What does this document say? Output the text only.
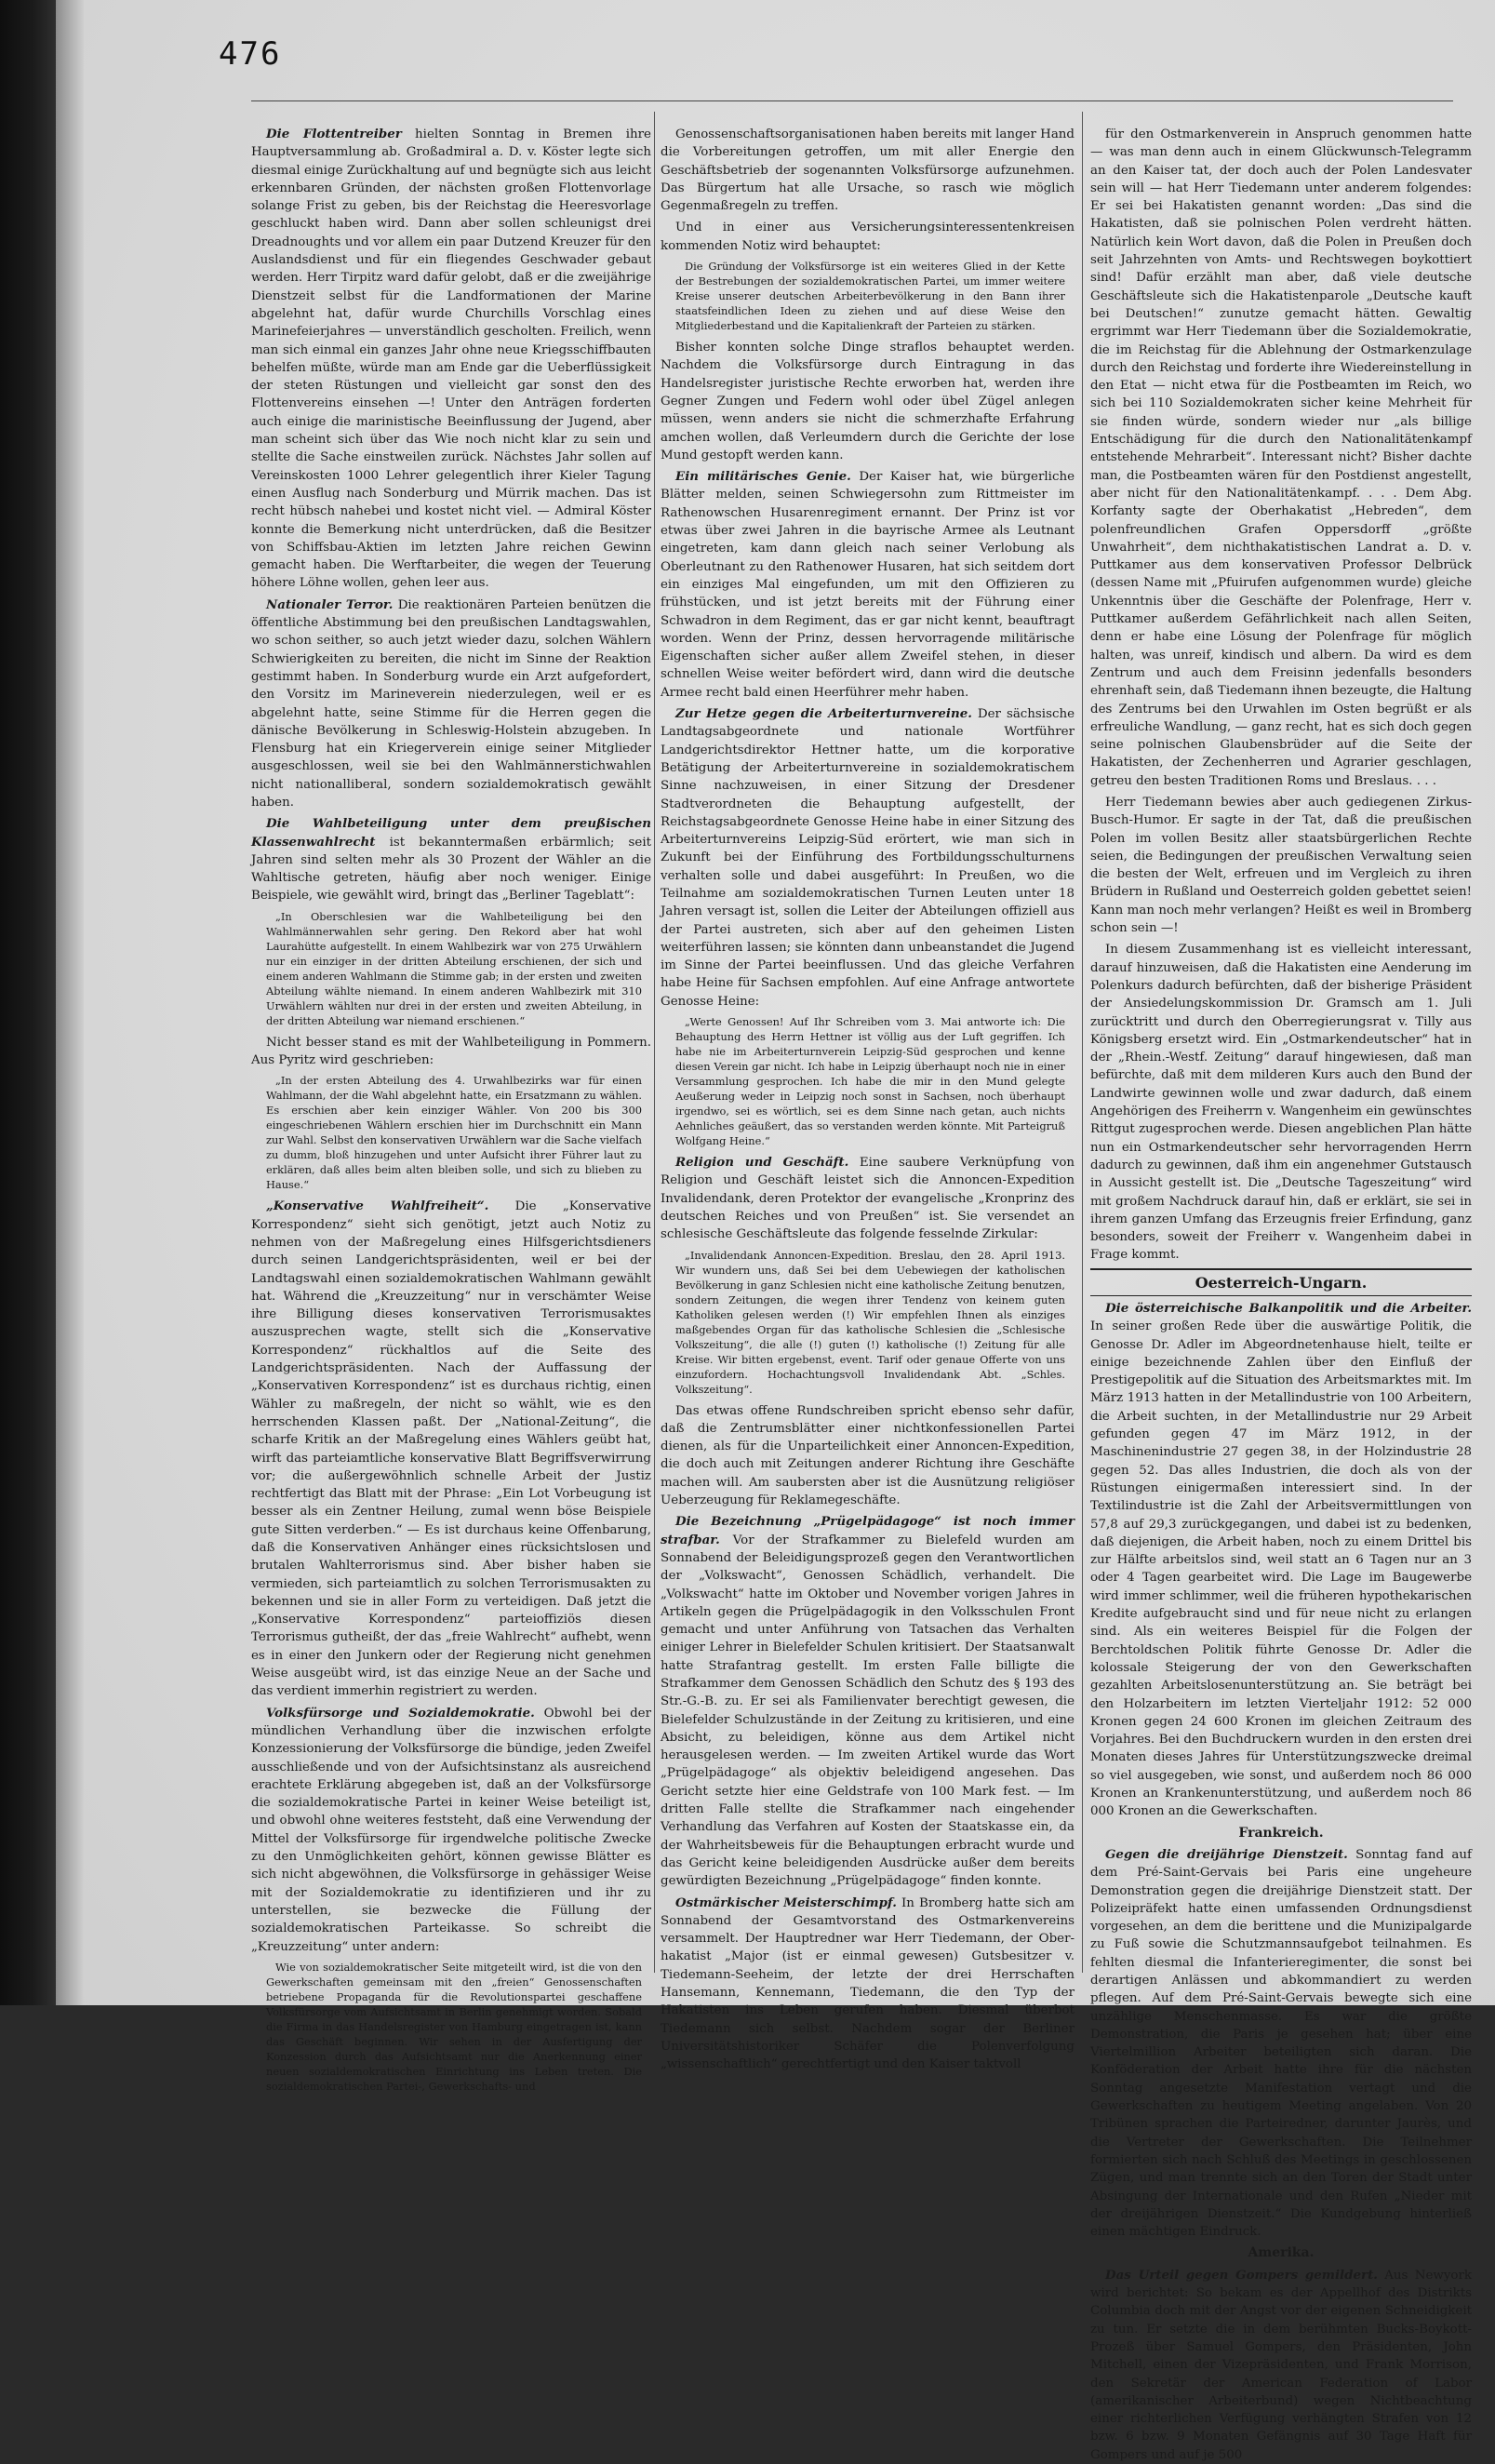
476

Die Flottentreiber hielten Sonntag in Bremen ihre Hauptversammlung ab. Großadmiral a. D. v. Köster legte sich diesmal einige Zurückhaltung auf und begnügte sich aus leicht erkennbaren Gründen, der nächsten großen Flottenvorlage solange Frist zu geben, bis der Reichstag die Heeresvorlage geschluckt haben wird. Dann aber sollen schleunigst drei Dreadnoughts und vor allem ein paar Dutzend Kreuzer für den Auslandsdienst und für ein fliegendes Geschwader gebaut werden. Herr Tirpitz ward dafür gelobt, daß er die zweijährige Dienstzeit selbst für die Landformationen der Marine abgelehnt hat, dafür wurde Churchills Vorschlag eines Marinefeierjahres — unverständlich gescholten. Freilich, wenn man sich einmal ein ganzes Jahr ohne neue Kriegsschiffbauten behelfen müßte, würde man am Ende gar die Ueberflüssigkeit der steten Rüstungen und vielleicht gar sonst den des Flottenvereins einsehen —! Unter den Anträgen forderten auch einige die marinistische Beeinflussung der Jugend, aber man scheint sich über das Wie noch nicht klar zu sein und stellte die Sache einstweilen zurück. Nächstes Jahr sollen auf Vereinskosten 1000 Lehrer gelegentlich ihrer Kieler Tagung einen Ausflug nach Sonderburg und Mürrik machen. Das ist recht hübsch nahebei und kostet nicht viel. — Admiral Köster konnte die Bemerkung nicht unterdrücken, daß die Besitzer von Schiffsbau-Aktien im letzten Jahre reichen Gewinn gemacht haben. Die Werftarbeiter, die wegen der Teuerung höhere Löhne wollen, gehen leer aus.

Nationaler Terror. Die reaktionären Parteien benützen die öffentliche Abstimmung bei den preußischen Landtagswahlen, wo schon seither, so auch jetzt wieder dazu, solchen Wählern Schwierigkeiten zu bereiten, die nicht im Sinne der Reaktion gestimmt haben. In Sonderburg wurde ein Arzt aufgefordert, den Vorsitz im Marineverein niederzulegen, weil er es abgelehnt hatte, seine Stimme für die Herren gegen die dänische Bevölkerung in Schleswig-Holstein abzugeben. In Flensburg hat ein Kriegerverein einige seiner Mitglieder ausgeschlossen, weil sie bei den Wahlmännerstichwahlen nicht nationalliberal, sondern sozialdemokratisch gewählt haben.

Die Wahlbeteiligung unter dem preußischen Klassenwahlrecht ist bekanntermaßen erbärmlich; seit Jahren sind selten mehr als 30 Prozent der Wähler an die Wahltische getreten, häufig aber noch weniger. Einige Beispiele, wie gewählt wird, bringt das „Berliner Tageblatt“:

„In Oberschlesien war die Wahlbeteiligung bei den Wahlmännerwahlen sehr gering. Den Rekord aber hat wohl Laurahütte aufgestellt. In einem Wahlbezirk war von 275 Urwählern nur ein einziger in der dritten Abteilung erschienen, der sich und einem anderen Wahlmann die Stimme gab; in der ersten und zweiten Abteilung wählte niemand. In einem anderen Wahlbezirk mit 310 Urwählern wählten nur drei in der ersten und zweiten Abteilung, in der dritten Abteilung war niemand erschienen.“

Nicht besser stand es mit der Wahlbeteiligung in Pommern. Aus Pyritz wird geschrieben:

„In der ersten Abteilung des 4. Urwahlbezirks war für einen Wahlmann, der die Wahl abgelehnt hatte, ein Ersatzmann zu wählen. Es erschien aber kein einziger Wähler. Von 200 bis 300 eingeschriebenen Wählern erschien hier im Durchschnitt ein Mann zur Wahl. Selbst den konservativen Urwählern war die Sache vielfach zu dumm, bloß hinzugehen und unter Aufsicht ihrer Führer laut zu erklären, daß alles beim alten bleiben solle, und sich zu blieben zu Hause.“

„Konservative Wahlfreiheit“. Die „Konservative Korrespondenz“ sieht sich genötigt, jetzt auch Notiz zu nehmen von der Maßregelung eines Hilfsgerichtsdieners durch seinen Landgerichtspräsidenten, weil er bei der Landtagswahl einen sozialdemokratischen Wahlmann gewählt hat. Während die „Kreuzzeitung“ nur in verschämter Weise ihre Billigung dieses konservativen Terrorismusaktes auszusprechen wagte, stellt sich die „Konservative Korrespondenz“ rückhaltlos auf die Seite des Landgerichtspräsidenten. Nach der Auffassung der „Konservativen Korrespondenz“ ist es durchaus richtig, einen Wähler zu maßregeln, der nicht so wählt, wie es den herrschenden Klassen paßt. Der „National-Zeitung“, die scharfe Kritik an der Maßregelung eines Wählers geübt hat, wirft das parteiamtliche konservative Blatt Begriffsverwirrung vor; die außergewöhnlich schnelle Arbeit der Justiz rechtfertigt das Blatt mit der Phrase: „Ein Lot Vorbeugung ist besser als ein Zentner Heilung, zumal wenn böse Beispiele gute Sitten verderben.“ — Es ist durchaus keine Offenbarung, daß die Konservativen Anhänger eines rücksichtslosen und brutalen Wahlterrorismus sind. Aber bisher haben sie vermieden, sich parteiamtlich zu solchen Terrorismusakten zu bekennen und sie in aller Form zu verteidigen. Daß jetzt die „Konservative Korrespondenz“ parteioffiziös diesen Terrorismus gutheißt, der das „freie Wahlrecht“ aufhebt, wenn es in einer den Junkern oder der Regierung nicht genehmen Weise ausgeübt wird, ist das einzige Neue an der Sache und das verdient immerhin registriert zu werden.

Volksfürsorge und Sozialdemokratie. Obwohl bei der mündlichen Verhandlung über die inzwischen erfolgte Konzessionierung der Volksfürsorge die bündige, jeden Zweifel ausschließende und von der Aufsichtsinstanz als ausreichend erachtete Erklärung abgegeben ist, daß an der Volksfürsorge die sozialdemokratische Partei in keiner Weise beteiligt ist, und obwohl ohne weiteres feststeht, daß eine Verwendung der Mittel der Volksfürsorge für irgendwelche politische Zwecke zu den Unmöglichkeiten gehört, können gewisse Blätter es sich nicht abgewöhnen, die Volksfürsorge in gehässiger Weise mit der Sozialdemokratie zu identifizieren und ihr zu unterstellen, sie bezwecke die Füllung der sozialdemokratischen Parteikasse. So schreibt die „Kreuzzeitung“ unter andern:

Wie von sozialdemokratischer Seite mitgeteilt wird, ist die von den Gewerkschaften gemeinsam mit den „freien“ Genossenschaften betriebene Propaganda für die Revolutionspartei geschaffene Volksfürsorge vom Aufsichtsamt in Berlin genehmigt worden. Sobald die Firma in das Handelsregister von Hamburg eingetragen ist, kann das Geschäft beginnen. Wir sehen in der Ausfertigung der Konzession durch das Aufsichtsamt nur die Anerkennung einer neuen sozialdemokratischen Einrichtung ins Leben treten. Die sozialdemokratischen Partei-, Gewerkschafts- und

Genossenschaftsorganisationen haben bereits mit langer Hand die Vorbereitungen getroffen, um mit aller Energie den Geschäftsbetrieb der sogenannten Volksfürsorge aufzunehmen. Das Bürgertum hat alle Ursache, so rasch wie möglich Gegenmaßregeln zu treffen.

Und in einer aus Versicherungsinteressentenkreisen kommenden Notiz wird behauptet:

Die Gründung der Volksfürsorge ist ein weiteres Glied in der Kette der Bestrebungen der sozialdemokratischen Partei, um immer weitere Kreise unserer deutschen Arbeiterbevölkerung in den Bann ihrer staatsfeindlichen Ideen zu ziehen und auf diese Weise den Mitgliederbestand und die Kapitalienkraft der Parteien zu stärken.

Bisher konnten solche Dinge straflos behauptet werden. Nachdem die Volksfürsorge durch Eintragung in das Handelsregister juristische Rechte erworben hat, werden ihre Gegner Zungen und Federn wohl oder übel Zügel anlegen müssen, wenn anders sie nicht die schmerzhafte Erfahrung amchen wollen, daß Verleumdern durch die Gerichte der lose Mund gestopft werden kann.

Ein militärisches Genie. Der Kaiser hat, wie bürgerliche Blätter melden, seinen Schwiegersohn zum Rittmeister im Rathenowschen Husarenregiment ernannt. Der Prinz ist vor etwas über zwei Jahren in die bayrische Armee als Leutnant eingetreten, kam dann gleich nach seiner Verlobung als Oberleutnant zu den Rathenower Husaren, hat sich seitdem dort ein einziges Mal eingefunden, um mit den Offizieren zu frühstücken, und ist jetzt bereits mit der Führung einer Schwadron in dem Regiment, das er gar nicht kennt, beauftragt worden. Wenn der Prinz, dessen hervorragende militärische Eigenschaften sicher außer allem Zweifel stehen, in dieser schnellen Weise weiter befördert wird, dann wird die deutsche Armee recht bald einen Heerführer mehr haben.

Zur Hetze gegen die Arbeiterturnvereine. Der sächsische Landtagsabgeordnete und nationale Wortführer Landgerichtsdirektor Hettner hatte, um die korporative Betätigung der Arbeiterturnvereine in sozialdemokratischem Sinne nachzuweisen, in einer Sitzung der Dresdener Stadtverordneten die Behauptung aufgestellt, der Reichstagsabgeordnete Genosse Heine habe in einer Sitzung des Arbeiterturnvereins Leipzig-Süd erörtert, wie man sich in Zukunft bei der Einführung des Fortbildungsschulturnens verhalten solle und dabei ausgeführt: In Preußen, wo die Teilnahme am sozialdemokratischen Turnen Leuten unter 18 Jahren versagt ist, sollen die Leiter der Abteilungen offiziell aus der Partei austreten, sich aber auf den geheimen Listen weiterführen lassen; sie könnten dann unbeanstandet die Jugend im Sinne der Partei beeinflussen. Und das gleiche Verfahren habe Heine für Sachsen empfohlen. Auf eine Anfrage antwortete Genosse Heine:

„Werte Genossen! Auf Ihr Schreiben vom 3. Mai antworte ich: Die Behauptung des Herrn Hettner ist völlig aus der Luft gegriffen. Ich habe nie im Arbeiterturnverein Leipzig-Süd gesprochen und kenne diesen Verein gar nicht. Ich habe in Leipzig überhaupt noch nie in einer Versammlung gesprochen. Ich habe die mir in den Mund gelegte Aeußerung weder in Leipzig noch sonst in Sachsen, noch überhaupt irgendwo, sei es wörtlich, sei es dem Sinne nach getan, auch nichts Aehnliches geäußert, das so verstanden werden könnte. Mit Parteigruß Wolfgang Heine.“

Religion und Geschäft. Eine saubere Verknüpfung von Religion und Geschäft leistet sich die Annoncen-Expedition Invalidendank, deren Protektor der evangelische „Kronprinz des deutschen Reiches und von Preußen“ ist. Sie versendet an schlesische Geschäftsleute das folgende fesselnde Zirkular:

„Invalidendank Annoncen-Expedition. Breslau, den 28. April 1913. Wir wundern uns, daß Sei bei dem Uebewiegen der katholischen Bevölkerung in ganz Schlesien nicht eine katholische Zeitung benutzen, sondern Zeitungen, die wegen ihrer Tendenz von keinem guten Katholiken gelesen werden (!) Wir empfehlen Ihnen als einziges maßgebendes Organ für das katholische Schlesien die „Schlesische Volkszeitung“, die alle (!) guten (!) katholische (!) Zeitung für alle Kreise. Wir bitten ergebenst, event. Tarif oder genaue Offerte von uns einzufordern. Hochachtungsvoll Invalidendank Abt. „Schles. Volkszeitung“.

Das etwas offene Rundschreiben spricht ebenso sehr dafür, daß die Zentrumsblätter einer nichtkonfessionellen Partei dienen, als für die Unparteilichkeit einer Annoncen-Expedition, die doch auch mit Zeitungen anderer Richtung ihre Geschäfte machen will. Am saubersten aber ist die Ausnützung religiöser Ueberzeugung für Reklamegeschäfte.

Die Bezeichnung „Prügelpädagoge“ ist noch immer strafbar. Vor der Strafkammer zu Bielefeld wurden am Sonnabend der Beleidigungsprozeß gegen den Verantwortlichen der „Volkswacht“, Genossen Schädlich, verhandelt. Die „Volkswacht“ hatte im Oktober und November vorigen Jahres in Artikeln gegen die Prügelpädagogik in den Volksschulen Front gemacht und unter Anführung von Tatsachen das Verhalten einiger Lehrer in Bielefelder Schulen kritisiert. Der Staatsanwalt hatte Strafantrag gestellt. Im ersten Falle billigte die Strafkammer dem Genossen Schädlich den Schutz des § 193 des Str.-G.-B. zu. Er sei als Familienvater berechtigt gewesen, die Bielefelder Schulzustände in der Zeitung zu kritisieren, und eine Absicht, zu beleidigen, könne aus dem Artikel nicht herausgelesen werden. — Im zweiten Artikel wurde das Wort „Prügelpädagoge“ als objektiv beleidigend angesehen. Das Gericht setzte hier eine Geldstrafe von 100 Mark fest. — Im dritten Falle stellte die Strafkammer nach eingehender Verhandlung das Verfahren auf Kosten der Staatskasse ein, da der Wahrheitsbeweis für die Behauptungen erbracht wurde und das Gericht keine beleidigenden Ausdrücke außer dem bereits gewürdigten Bezeichnung „Prügelpädagoge“ finden konnte.

Ostmärkischer Meisterschimpf. In Bromberg hatte sich am Sonnabend der Gesamtvorstand des Ostmarkenvereins versammelt. Der Hauptredner war Herr Tiedemann, der Ober-hakatist „Major (ist er einmal gewesen) Gutsbesitzer v. Tiedemann-Seeheim, der letzte der drei Herrschaften Hansemann, Kennemann, Tiedemann, die den Typ der Hakatisten ins Leben gerufen haben. Diesmal überbot Tiedemann sich selbst. Nachdem sogar der Berliner Universitätshistoriker Schäfer die Polenverfolgung „wissenschaftlich“ gerechtfertigt und den Kaiser taktvoll

für den Ostmarkenverein in Anspruch genommen hatte — was man denn auch in einem Glückwunsch-Telegramm an den Kaiser tat, der doch auch der Polen Landesvater sein will — hat Herr Tiedemann unter anderem folgendes: Er sei bei Hakatisten genannt worden: „Das sind die Hakatisten, daß sie polnischen Polen verdreht hätten. Natürlich kein Wort davon, daß die Polen in Preußen doch seit Jahrzehnten von Amts- und Rechtswegen boykottiert sind! Dafür erzählt man aber, daß viele deutsche Geschäftsleute sich die Hakatistenparole „Deutsche kauft bei Deutschen!“ zunutze gemacht hätten. Gewaltig ergrimmt war Herr Tiedemann über die Sozialdemokratie, die im Reichstag für die Ablehnung der Ostmarkenzulage durch den Reichstag und forderte ihre Wiedereinstellung in den Etat — nicht etwa für die Postbeamten im Reich, wo sich bei 110 Sozialdemokraten sicher keine Mehrheit für sie finden würde, sondern wieder nur „als billige Entschädigung für die durch den Nationalitätenkampf entstehende Mehrarbeit“. Interessant nicht? Bisher dachte man, die Postbeamten wären für den Postdienst angestellt, aber nicht für den Nationalitätenkampf. . . . Dem Abg. Korfanty sagte der Oberhakatist „Hebreden“, dem polenfreundlichen Grafen Oppersdorff „größte Unwahrheit“, dem nichthakatistischen Landrat a. D. v. Puttkamer aus dem konservativen Professor Delbrück (dessen Name mit „Pfuirufen aufgenommen wurde) gleiche Unkenntnis über die Geschäfte der Polenfrage, Herr v. Puttkamer außerdem Gefährlichkeit nach allen Seiten, denn er habe eine Lösung der Polenfrage für möglich halten, was unreif, kindisch und albern. Da wird es dem Zentrum und auch dem Freisinn jedenfalls besonders ehrenhaft sein, daß Tiedemann ihnen bezeugte, die Haltung des Zentrums bei den Urwahlen im Osten begrüßt er als erfreuliche Wandlung, — ganz recht, hat es sich doch gegen seine polnischen Glaubensbrüder auf die Seite der Hakatisten, der Zechenherren und Agrarier geschlagen, getreu den besten Traditionen Roms und Breslaus. . . .

Herr Tiedemann bewies aber auch gediegenen Zirkus-Busch-Humor. Er sagte in der Tat, daß die preußischen Polen im vollen Besitz aller staatsbürgerlichen Rechte seien, die Bedingungen der preußischen Verwaltung seien die besten der Welt, erfreuen und im Vergleich zu ihren Brüdern in Rußland und Oesterreich golden gebettet seien! Kann man noch mehr verlangen? Heißt es weil in Bromberg schon sein —!

In diesem Zusammenhang ist es vielleicht interessant, darauf hinzuweisen, daß die Hakatisten eine Aenderung im Polenkurs dadurch befürchten, daß der bisherige Präsident der Ansiedelungskommission Dr. Gramsch am 1. Juli zurücktritt und durch den Oberregierungsrat v. Tilly aus Königsberg ersetzt wird. Ein „Ostmarkendeutscher“ hat in der „Rhein.-Westf. Zeitung“ darauf hingewiesen, daß man befürchte, daß mit dem milderen Kurs auch den Bund der Landwirte gewinnen wolle und zwar dadurch, daß einem Angehörigen des Freiherrn v. Wangenheim ein gewünschtes Rittgut zugesprochen werde. Diesen angeblichen Plan hätte nun ein Ostmarkendeutscher sehr hervorragenden Herrn dadurch zu gewinnen, daß ihm ein angenehmer Gutstausch in Aussicht gestellt ist. Die „Deutsche Tageszeitung“ wird mit großem Nachdruck darauf hin, daß er erklärt, sie sei in ihrem ganzen Umfang das Erzeugnis freier Erfindung, ganz besonders, soweit der Freiherr v. Wangenheim dabei in Frage kommt.

Oesterreich-Ungarn.

Die österreichische Balkanpolitik und die Arbeiter. In seiner großen Rede über die auswärtige Politik, die Genosse Dr. Adler im Abgeordnetenhause hielt, teilte er einige bezeichnende Zahlen über den Einfluß der Prestigepolitik auf die Situation des Arbeitsmarktes mit. Im März 1913 hatten in der Metallindustrie von 100 Arbeitern, die Arbeit suchten, in der Metallindustrie nur 29 Arbeit gefunden gegen 47 im März 1912, in der Maschinenindustrie 27 gegen 38, in der Holzindustrie 28 gegen 52. Das alles Industrien, die doch als von der Rüstungen einigermaßen interessiert sind. In der Textilindustrie ist die Zahl der Arbeitsvermittlungen von 57,8 auf 29,3 zurückgegangen, und dabei ist zu bedenken, daß diejenigen, die Arbeit haben, noch zu einem Drittel bis zur Hälfte arbeitslos sind, weil statt an 6 Tagen nur an 3 oder 4 Tagen gearbeitet wird. Die Lage im Baugewerbe wird immer schlimmer, weil die früheren hypothekarischen Kredite aufgebraucht sind und für neue nicht zu erlangen sind. Als ein weiteres Beispiel für die Folgen der Berchtoldschen Politik führte Genosse Dr. Adler die kolossale Steigerung der von den Gewerkschaften gezahlten Arbeitslosenunterstützung an. Sie beträgt bei den Holzarbeitern im letzten Vierteljahr 1912: 52 000 Kronen gegen 24 600 Kronen im gleichen Zeitraum des Vorjahres. Bei den Buchdruckern wurden in den ersten drei Monaten dieses Jahres für Unterstützungszwecke dreimal so viel ausgegeben, wie sonst, und außerdem noch 86 000 Kronen an Krankenunterstützung, und außerdem noch 86 000 Kronen an die Gewerkschaften.

Frankreich.

Gegen die dreijährige Dienstzeit. Sonntag fand auf dem Pré-Saint-Gervais bei Paris eine ungeheure Demonstration gegen die dreijährige Dienstzeit statt. Der Polizeipräfekt hatte einen umfassenden Ordnungsdienst vorgesehen, an dem die berittene und die Munizipalgarde zu Fuß sowie die Schutzmannsaufgebot teilnahmen. Es fehlten diesmal die Infanterieregimenter, die sonst bei derartigen Anlässen und abkommandiert zu werden pflegen. Auf dem Pré-Saint-Gervais bewegte sich eine unzählige Menschenmasse. Es war die größte Demonstration, die Paris je gesehen hat; über eine Viertelmillion Arbeiter beteiligten sich daran. Die Konföderation der Arbeit hatte ihre für die nächsten Sonntag angesetzte Manifestation vertagt und die Gewerkschaften zu heutigem Meeting angelaben. Von 20 Tribünen sprachen die Parteiredner, darunter Jaurès, und die Vertreter der Gewerkschaften. Die Teilnehmer formierten sich nach Schluß des Meetings in geschlossenen Zügen, und man trennte sich an den Toren der Stadt unter Absingung der Internationale und den Rufen „Nieder mit der dreijährigen Dienstzeit.“ Die Kundgebung hinterließ einen mächtigen Eindruck.

Amerika.

Das Urteil gegen Gompers gemildert. Aus Newyork wird berichtet: So bekam es der Appellhof des Distrikts Columbia doch mit der Angst vor der eigenen Schneidigkeit zu tun. Er setzte die in dem berühmten Bucks-Boykott-Prozeß über Samuel Gompers, den Präsidenten, John Mitchell, einen der Vizepräsidenten, und Frank Morrison, den Sekretär der American Federation of Labor (amerikanischer Arbeiterbund) wegen Nichtbeachtung einer richterlichen Verfügung verhängten Strafen von 12 bzw. 6 bzw. 9 Monaten Gefängnis auf 30 Tage Haft für Gompers und auf je 500
